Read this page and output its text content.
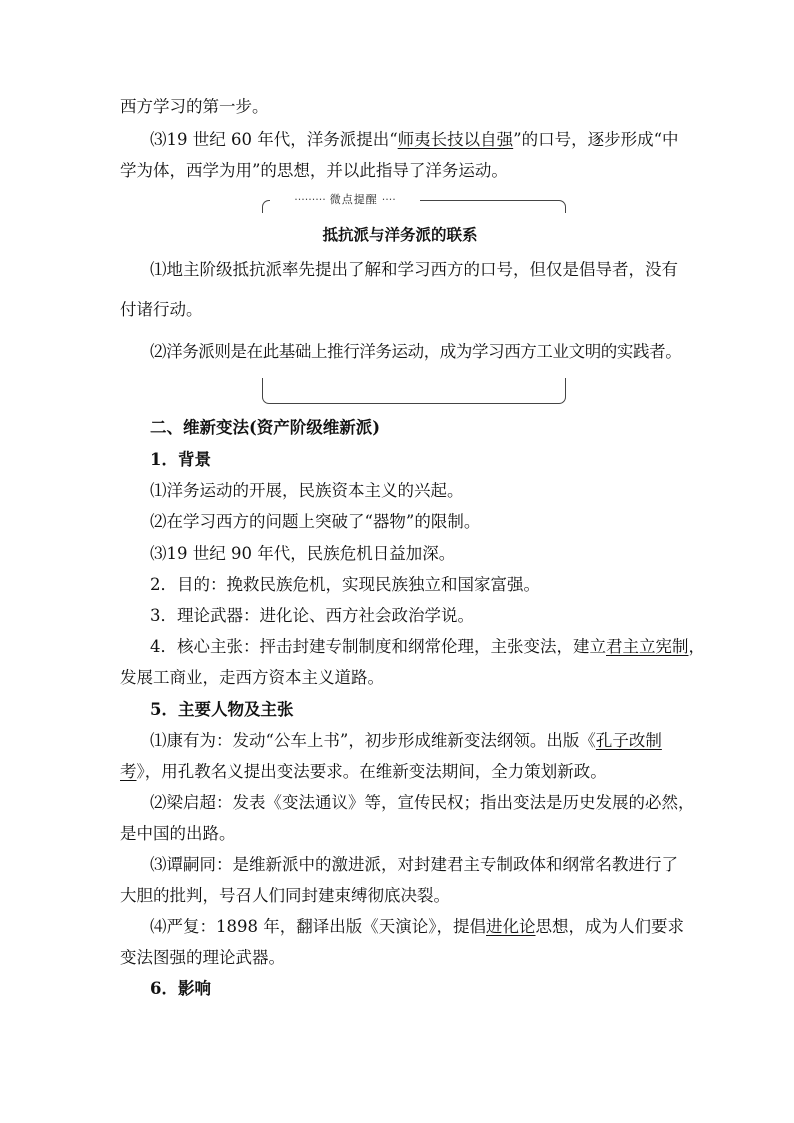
西方学习的第一步。
⑶19 世纪 60 年代，洋务派提出“师夷长技以自强”的口号，逐步形成“中
学为体，西学为用”的思想，并以此指导了洋务运动。
········· 微点提醒 ····
抵抗派与洋务派的联系
⑴地主阶级抵抗派率先提出了解和学习西方的口号，但仅是倡导者，没有
付诸行动。
⑵洋务派则是在此基础上推行洋务运动，成为学习西方工业文明的实践者。
二、维新变法(资产阶级维新派)
1．背景
⑴洋务运动的开展，民族资本主义的兴起。
⑵在学习西方的问题上突破了“器物”的限制。
⑶19 世纪 90 年代，民族危机日益加深。
2．目的：挽救民族危机，实现民族独立和国家富强。
3．理论武器：进化论、西方社会政治学说。
4．核心主张：抨击封建专制制度和纲常伦理，主张变法，建立君主立宪制，
发展工商业，走西方资本主义道路。
5．主要人物及主张
⑴康有为：发动“公车上书”，初步形成维新变法纲领。出版《孔子改制
考》，用孔教名义提出变法要求。在维新变法期间，全力策划新政。
⑵梁启超：发表《变法通议》等，宣传民权；指出变法是历史发展的必然，
是中国的出路。
⑶谭嗣同：是维新派中的激进派，对封建君主专制政体和纲常名教进行了
大胆的批判，号召人们同封建束缚彻底决裂。
⑷严复：1898 年，翻译出版《天演论》，提倡进化论思想，成为人们要求
变法图强的理论武器。
6．影响
